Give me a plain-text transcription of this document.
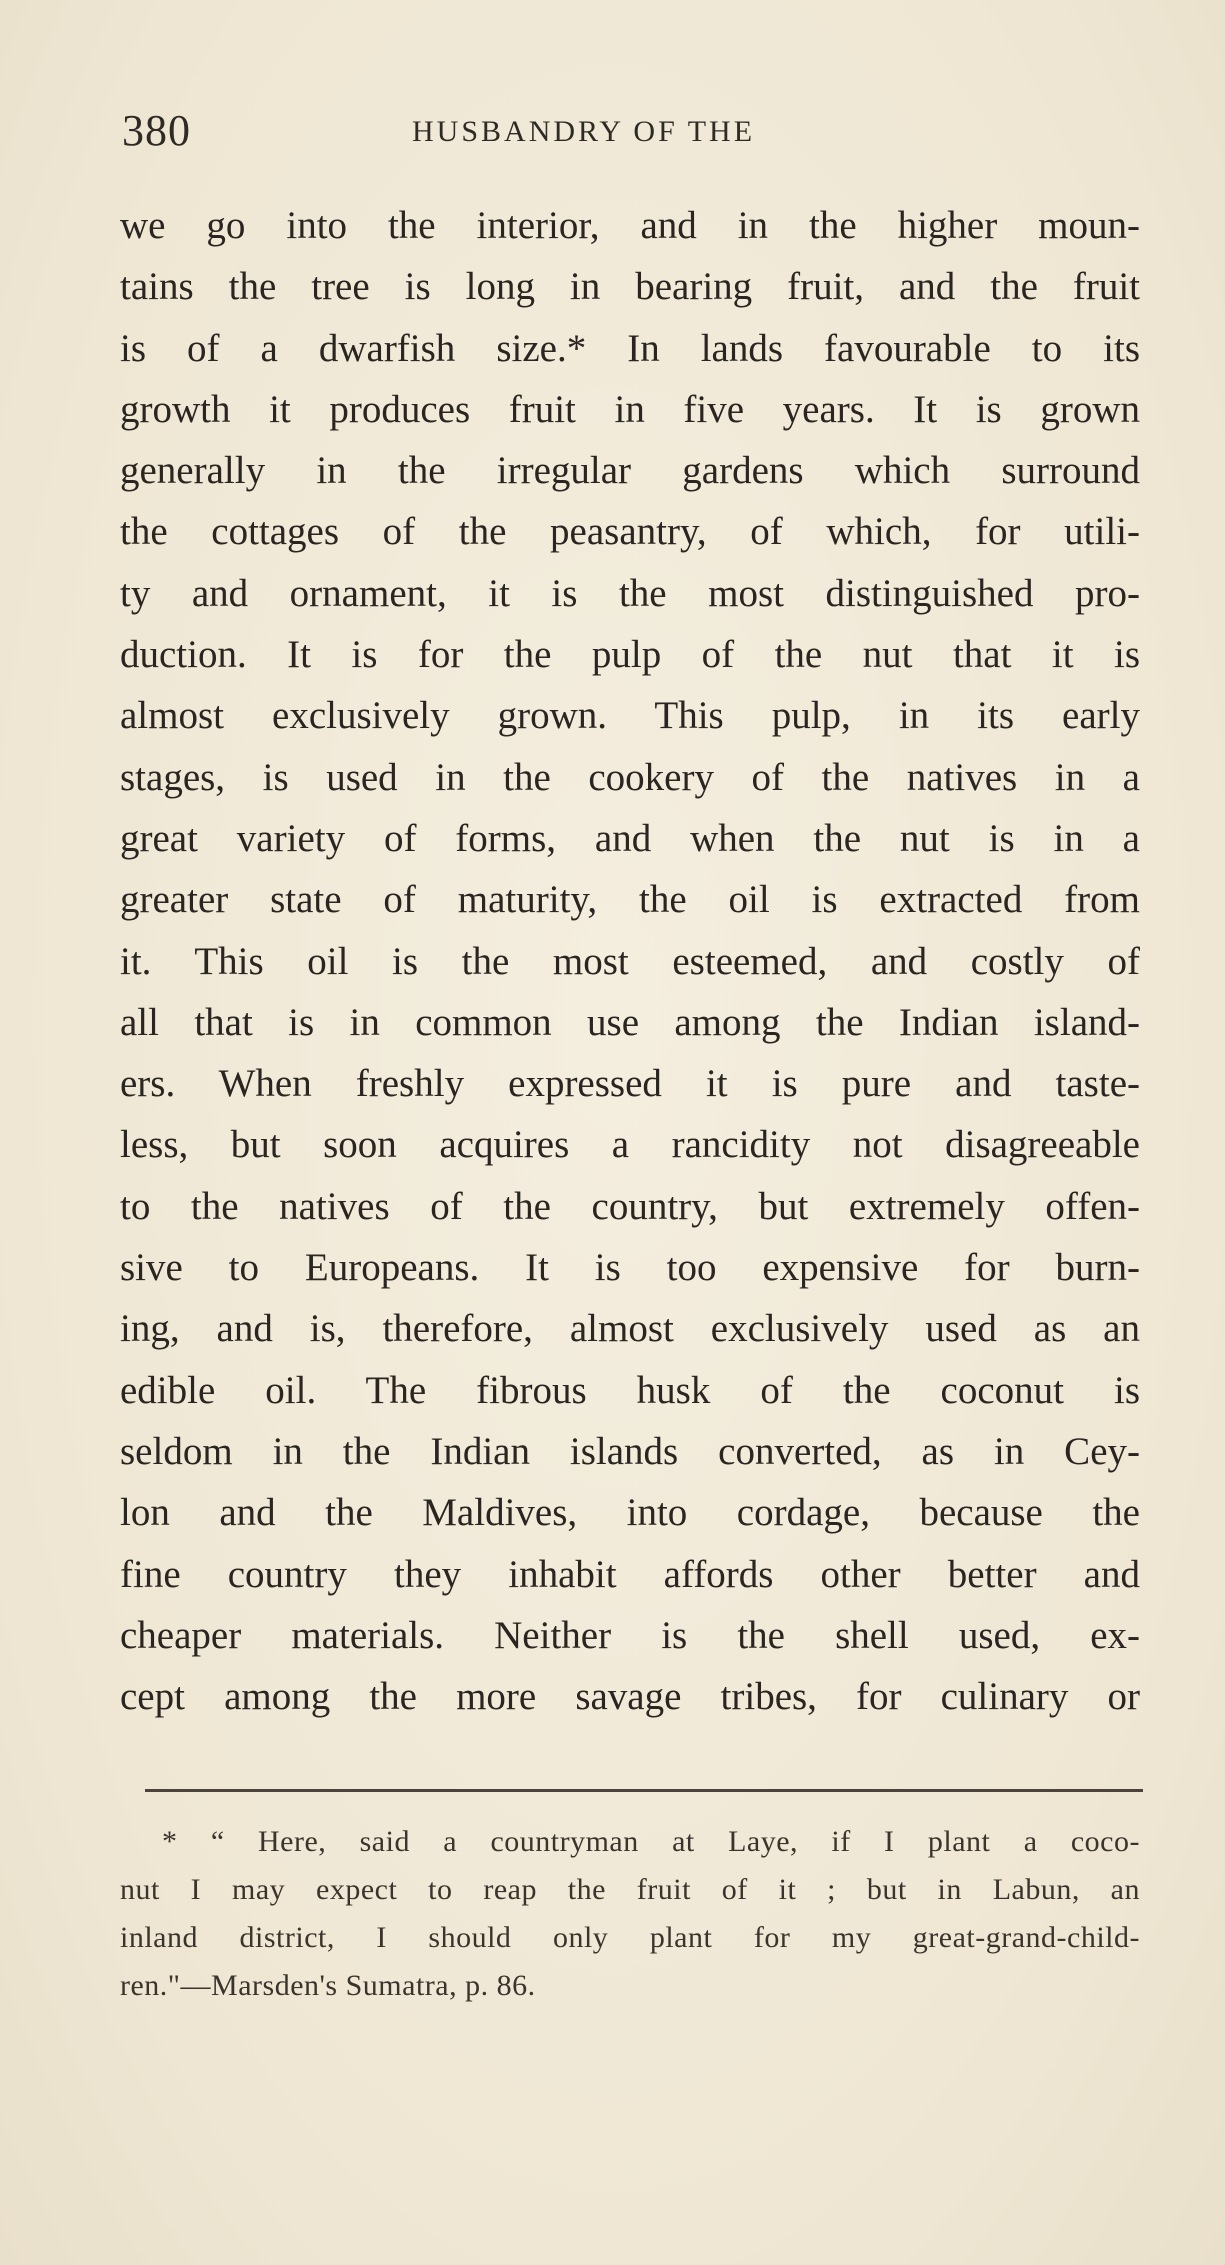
380	HUSBANDRY OF THE
we go into the interior, and in the higher moun-
tains the tree is long in bearing fruit, and the fruit
is of a dwarfish size.* In lands favourable to its
growth it produces fruit in five years. It is grown
generally in the irregular gardens which surround
the cottages of the peasantry, of which, for utili-
ty and ornament, it is the most distinguished pro-
duction. It is for the pulp of the nut that it is
almost exclusively grown. This pulp, in its early
stages, is used in the cookery of the natives in a
great variety of forms, and when the nut is in a
greater state of maturity, the oil is extracted from
it. This oil is the most esteemed, and costly of
all that is in common use among the Indian island-
ers. When freshly expressed it is pure and taste-
less, but soon acquires a rancidity not disagreeable
to the natives of the country, but extremely offen-
sive to Europeans. It is too expensive for burn-
ing, and is, therefore, almost exclusively used as an
edible oil. The fibrous husk of the coconut is
seldom in the Indian islands converted, as in Cey-
lon and the Maldives, into cordage, because the
fine country they inhabit affords other better and
cheaper materials. Neither is the shell used, ex-
cept among the more savage tribes, for culinary or
* “ Here, said a countryman at Laye, if I plant a coco-
nut I may expect to reap the fruit of it ; but in Labun, an
inland district, I should only plant for my great-grand-child-
ren."—Marsden's Sumatra, p. 86.
